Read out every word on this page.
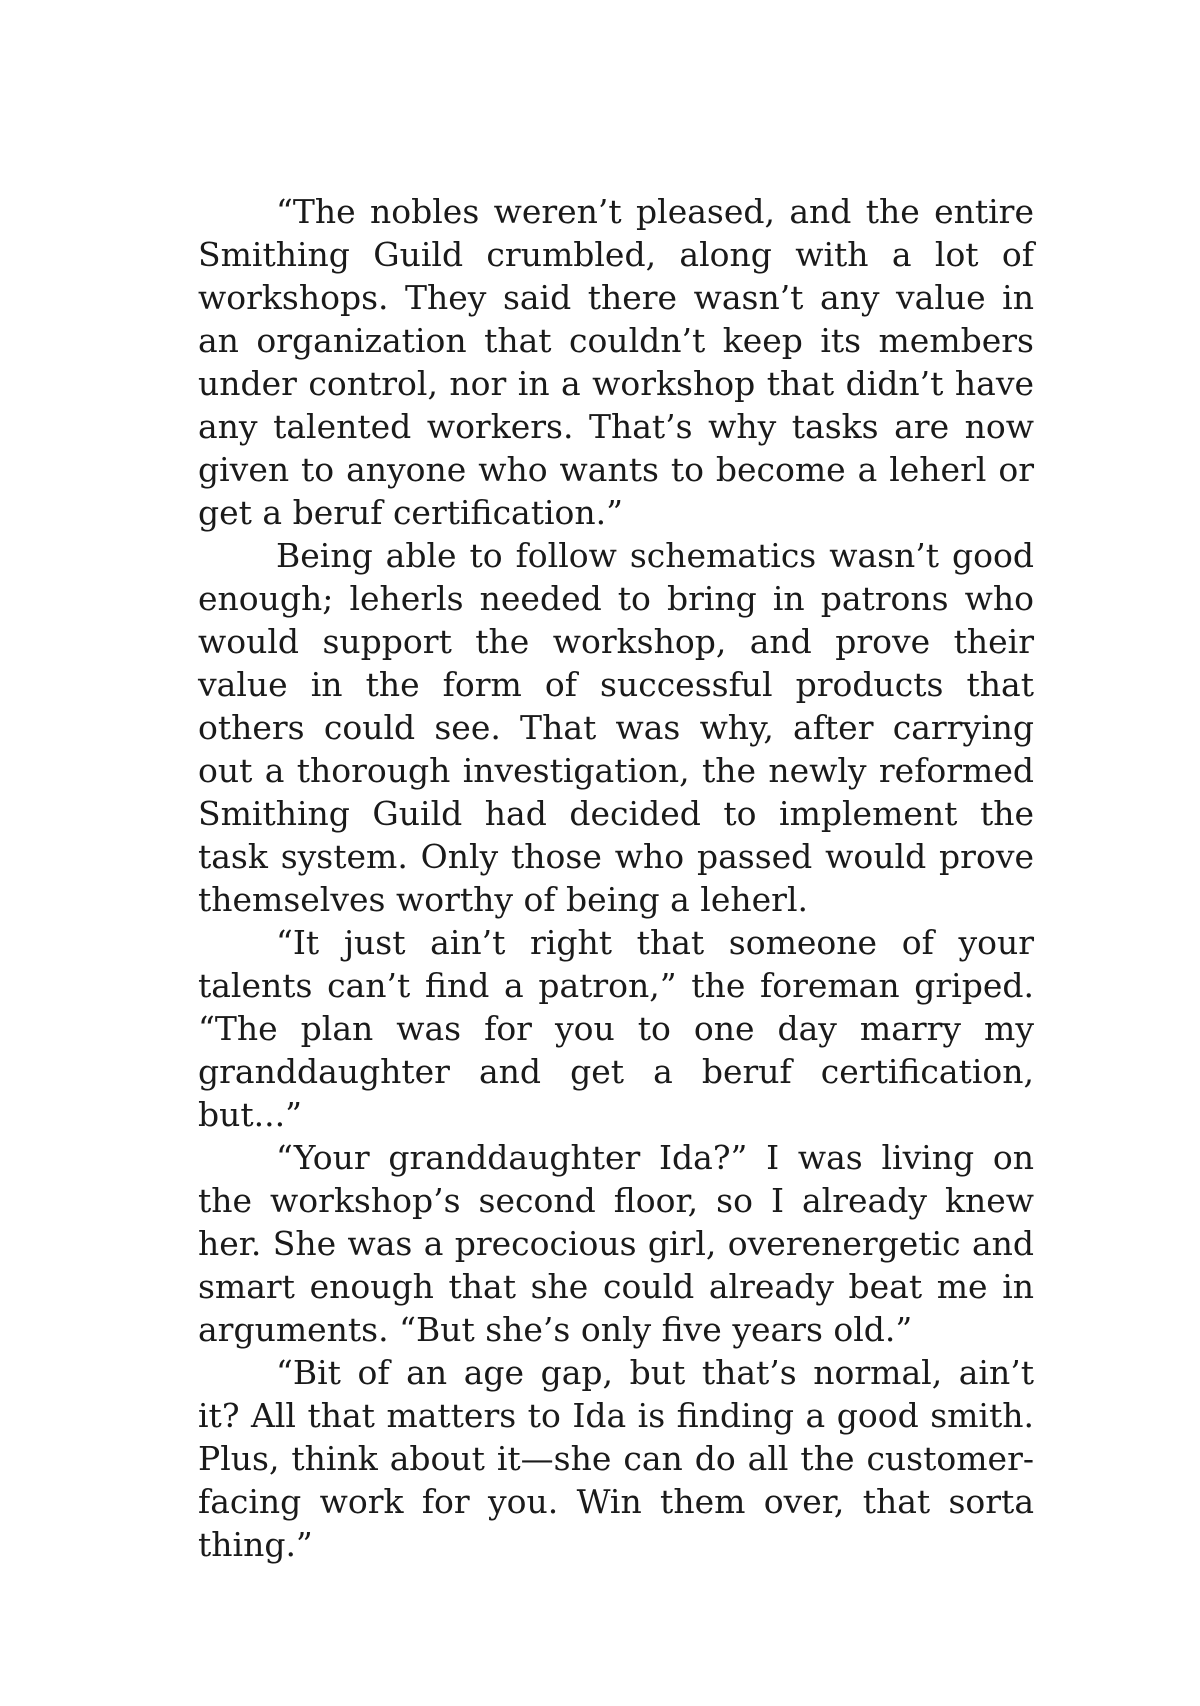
“The nobles weren’t pleased, and the entire Smithing Guild crumbled, along with a lot of workshops. They said there wasn’t any value in an organization that couldn’t keep its members under control, nor in a workshop that didn’t have any talented workers. That’s why tasks are now given to anyone who wants to become a leherl or get a beruf certification.”

Being able to follow schematics wasn’t good enough; leherls needed to bring in patrons who would support the workshop, and prove their value in the form of successful products that others could see. That was why, after carrying out a thorough investigation, the newly reformed Smithing Guild had decided to implement the task system. Only those who passed would prove themselves worthy of being a leherl.

“It just ain’t right that someone of your talents can’t find a patron,” the foreman griped. “The plan was for you to one day marry my granddaughter and get a beruf certification, but...”

“Your granddaughter Ida?” I was living on the workshop’s second floor, so I already knew her. She was a precocious girl, overenergetic and smart enough that she could already beat me in arguments. “But she’s only five years old.”

“Bit of an age gap, but that’s normal, ain’t it? All that matters to Ida is finding a good smith. Plus, think about it—she can do all the customer-facing work for you. Win them over, that sorta thing.”
